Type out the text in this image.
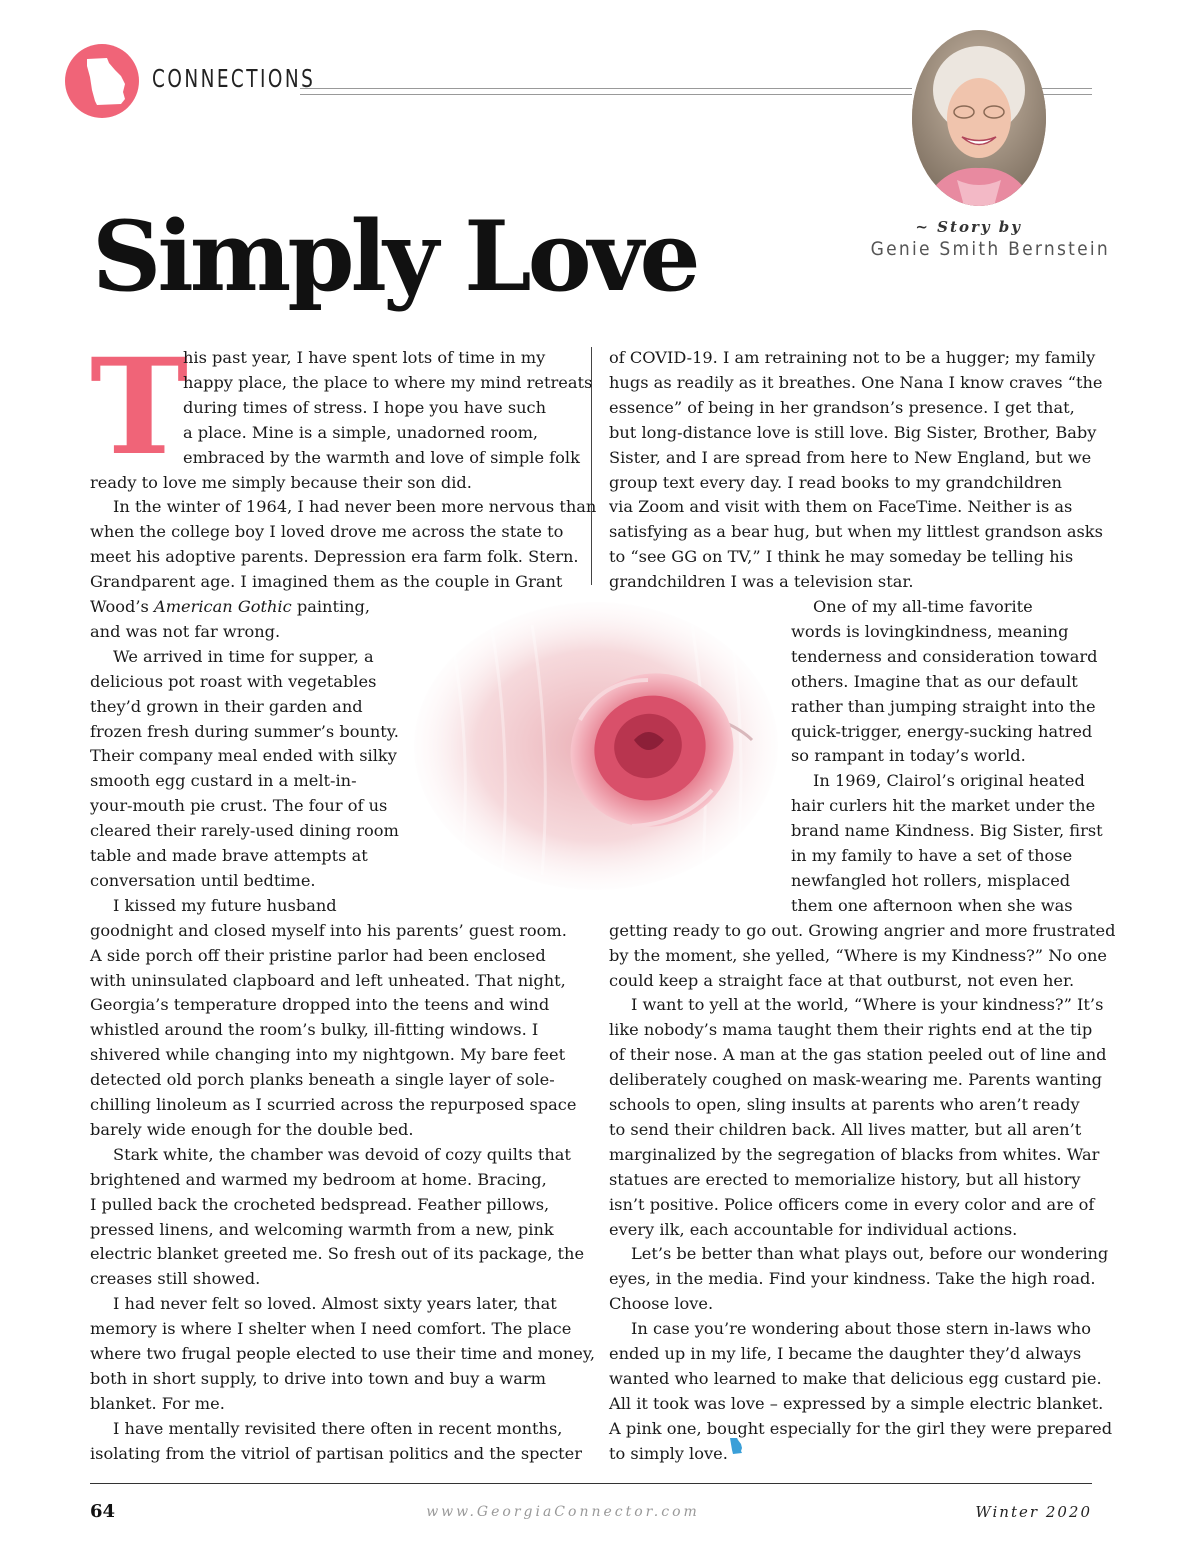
CONNECTIONS
~ Story by
Genie Smith Bernstein
Simply Love
T
his past year, I have spent lots of time in my
happy place, the place to where my mind retreats
during times of stress. I hope you have such
a place. Mine is a simple, unadorned room,
embraced by the warmth and love of simple folk
ready to love me simply because their son did.
In the winter of 1964, I had never been more nervous than
when the college boy I loved drove me across the state to
meet his adoptive parents. Depression era farm folk. Stern.
Grandparent age. I imagined them as the couple in Grant
Wood’s American Gothic painting,
and was not far wrong.
We arrived in time for supper, a
delicious pot roast with vegetables
they’d grown in their garden and
frozen fresh during summer’s bounty.
Their company meal ended with silky
smooth egg custard in a melt-in-
your-mouth pie crust. The four of us
cleared their rarely-used dining room
table and made brave attempts at
conversation until bedtime.
I kissed my future husband
goodnight and closed myself into his parents’ guest room.
A side porch off their pristine parlor had been enclosed
with uninsulated clapboard and left unheated. That night,
Georgia’s temperature dropped into the teens and wind
whistled around the room’s bulky, ill-fitting windows. I
shivered while changing into my nightgown. My bare feet
detected old porch planks beneath a single layer of sole-
chilling linoleum as I scurried across the repurposed space
barely wide enough for the double bed.
Stark white, the chamber was devoid of cozy quilts that
brightened and warmed my bedroom at home. Bracing,
I pulled back the crocheted bedspread. Feather pillows,
pressed linens, and welcoming warmth from a new, pink
electric blanket greeted me. So fresh out of its package, the
creases still showed.
I had never felt so loved. Almost sixty years later, that
memory is where I shelter when I need comfort. The place
where two frugal people elected to use their time and money,
both in short supply, to drive into town and buy a warm
blanket. For me.
I have mentally revisited there often in recent months,
isolating from the vitriol of partisan politics and the specter
of COVID-19. I am retraining not to be a hugger; my family
hugs as readily as it breathes. One Nana I know craves “the
essence” of being in her grandson’s presence. I get that,
but long-distance love is still love. Big Sister, Brother, Baby
Sister, and I are spread from here to New England, but we
group text every day. I read books to my grandchildren
via Zoom and visit with them on FaceTime. Neither is as
satisfying as a bear hug, but when my littlest grandson asks
to “see GG on TV,” I think he may someday be telling his
grandchildren I was a television star.
One of my all-time favorite
words is lovingkindness, meaning
tenderness and consideration toward
others. Imagine that as our default
rather than jumping straight into the
quick-trigger, energy-sucking hatred
so rampant in today’s world.
In 1969, Clairol’s original heated
hair curlers hit the market under the
brand name Kindness. Big Sister, first
in my family to have a set of those
newfangled hot rollers, misplaced
them one afternoon when she was
getting ready to go out. Growing angrier and more frustrated
by the moment, she yelled, “Where is my Kindness?” No one
could keep a straight face at that outburst, not even her.
I want to yell at the world, “Where is your kindness?” It’s
like nobody’s mama taught them their rights end at the tip
of their nose. A man at the gas station peeled out of line and
deliberately coughed on mask-wearing me. Parents wanting
schools to open, sling insults at parents who aren’t ready
to send their children back. All lives matter, but all aren’t
marginalized by the segregation of blacks from whites. War
statues are erected to memorialize history, but all history
isn’t positive. Police officers come in every color and are of
every ilk, each accountable for individual actions.
Let’s be better than what plays out, before our wondering
eyes, in the media. Find your kindness. Take the high road.
Choose love.
In case you’re wondering about those stern in-laws who
ended up in my life, I became the daughter they’d always
wanted who learned to make that delicious egg custard pie.
All it took was love – expressed by a simple electric blanket.
A pink one, bought especially for the girl they were prepared
to simply love.
64	www.GeorgiaConnector.com	Winter 2020
